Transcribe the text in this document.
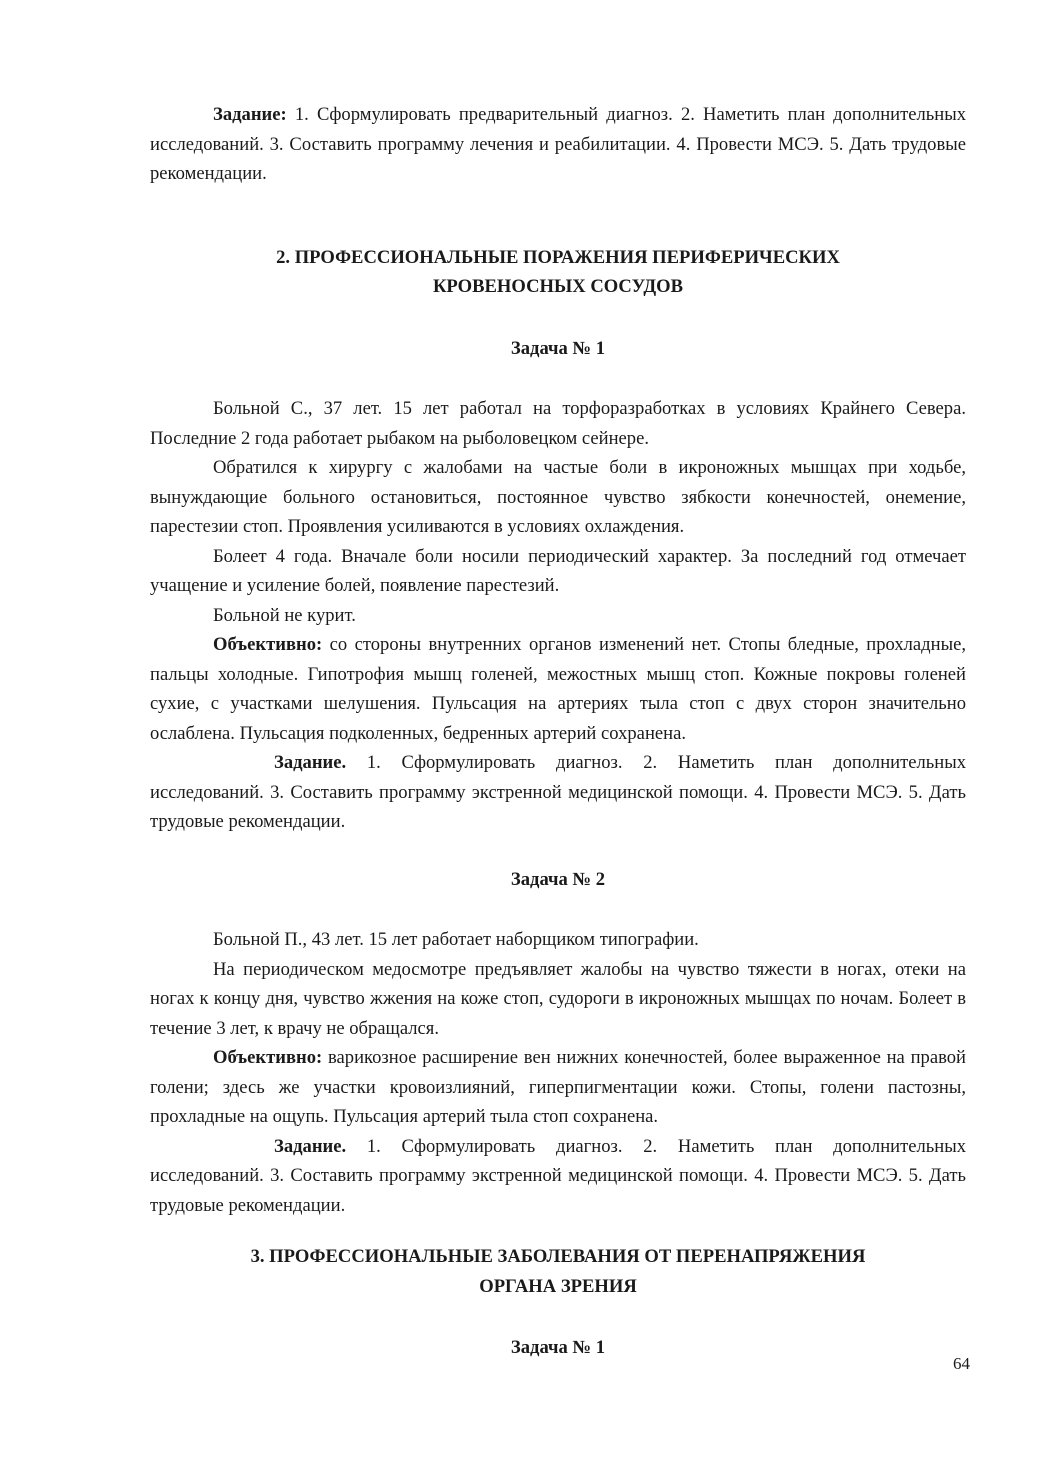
Задание: 1. Сформулировать предварительный диагноз. 2. Наметить план дополнительных исследований. 3. Составить программу лечения и реабилитации. 4. Провести МСЭ. 5. Дать трудовые рекомендации.

2. ПРОФЕССИОНАЛЬНЫЕ ПОРАЖЕНИЯ ПЕРИФЕРИЧЕСКИХ
КРОВЕНОСНЫХ СОСУДОВ

Задача № 1

Больной С., 37 лет. 15 лет работал на торфоразработках в условиях Крайнего Севера. Последние 2 года работает рыбаком на рыболовецком сейнере.

Обратился к хирургу с жалобами на частые боли в икроножных мышцах при ходьбе, вынуждающие больного остановиться, постоянное чувство зябкости конечностей, онемение, парестезии стоп. Проявления усиливаются в условиях охлаждения.

Болеет 4 года. Вначале боли носили периодический характер. За последний год отмечает учащение и усиление болей, появление парестезий.

Больной не курит.

Объективно: со стороны внутренних органов изменений нет. Стопы бледные, прохладные, пальцы холодные. Гипотрофия мышц голеней, межостных мышц стоп. Кожные покровы голеней сухие, с участками шелушения. Пульсация на артериях тыла стоп с двух сторон значительно ослаблена. Пульсация подколенных, бедренных артерий сохранена.

Задание. 1. Сформулировать диагноз. 2. Наметить план дополнительных исследований. 3. Составить программу экстренной медицинской помощи. 4. Провести МСЭ. 5. Дать трудовые рекомендации.

Задача № 2

Больной П., 43 лет. 15 лет работает наборщиком типографии.

На периодическом медосмотре предъявляет жалобы на чувство тяжести в ногах, отеки на ногах к концу дня, чувство жжения на коже стоп, судороги в икроножных мышцах по ночам. Болеет в течение 3 лет, к врачу не обращался.

Объективно: варикозное расширение вен нижних конечностей, более выраженное на правой голени; здесь же участки кровоизлияний, гиперпигментации кожи. Стопы, голени пастозны, прохладные на ощупь. Пульсация артерий тыла стоп сохранена.

Задание. 1. Сформулировать диагноз. 2. Наметить план дополнительных исследований. 3. Составить программу экстренной медицинской помощи. 4. Провести МСЭ. 5. Дать трудовые рекомендации.

3. ПРОФЕССИОНАЛЬНЫЕ ЗАБОЛЕВАНИЯ ОТ ПЕРЕНАПРЯЖЕНИЯ
ОРГАНА ЗРЕНИЯ

Задача № 1

64
